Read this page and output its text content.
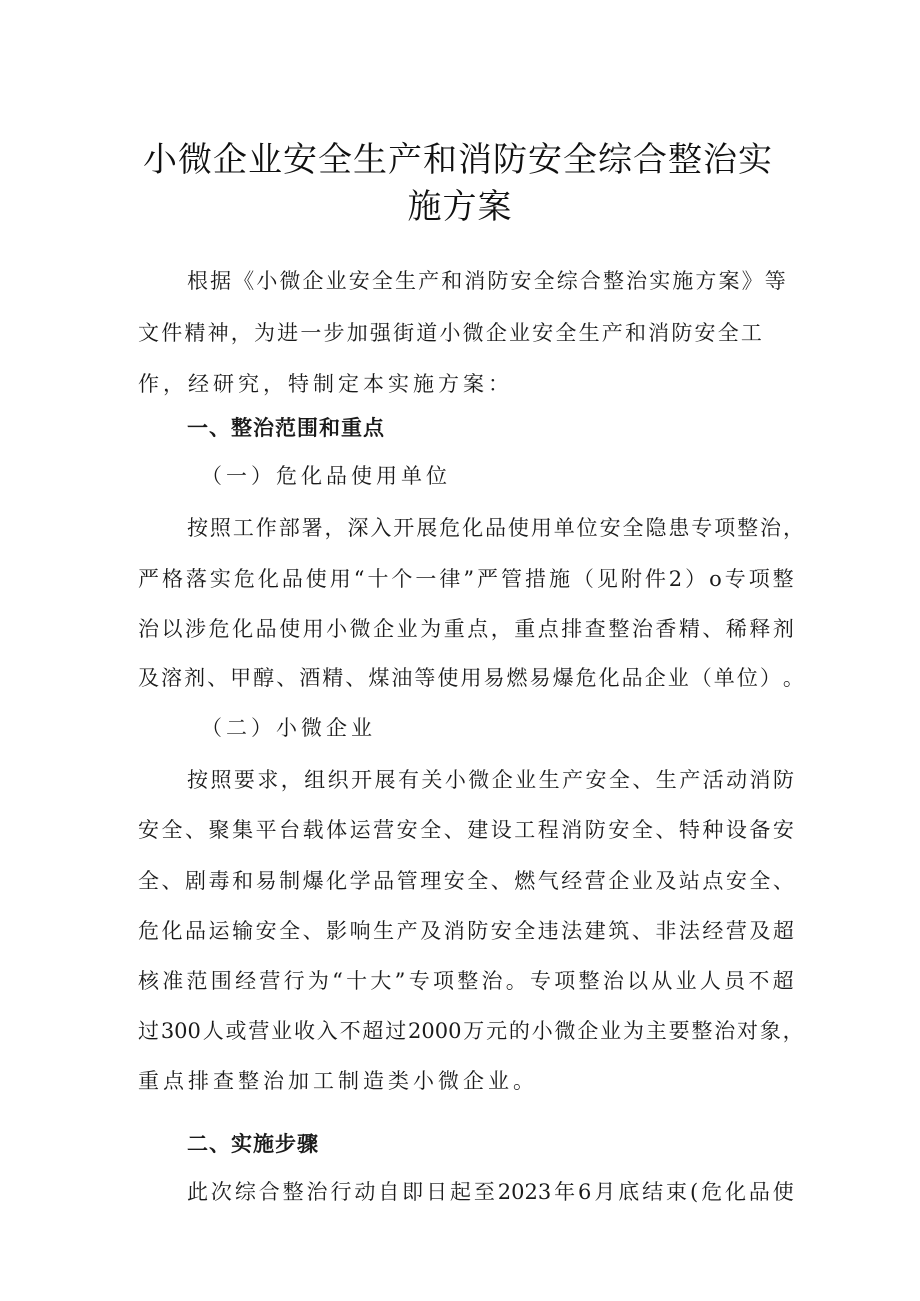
小微企业安全生产和消防安全综合整治实
施方案
根 据 《 小 微 企 业 安 全 生 产 和 消 防 安 全 综 合 整 治 实 施 方 案 》 等
文 件 精 神 ， 为 进 一 步 加 强 街 道 小 微 企 业 安 全 生 产 和 消 防 安 全 工
作，经研究，特制定本实施方案：
一、整治范围和重点
（一）危化品使用单位
按 照 工 作 部 署 ， 深 入 开 展 危 化 品 使 用 单 位 安 全 隐 患 专 项 整 治 ，
严 格 落 实 危 化 品 使 用 “ 十 个 一 律 ” 严 管 措 施 （ 见 附 件 2 ） o 专 项 整
治 以 涉 危 化 品 使 用 小 微 企 业 为 重 点 ， 重 点 排 查 整 治 香 精 、 稀 释 剂
及 溶 剂 、 甲 醇 、 酒 精 、 煤 油 等 使 用 易 燃 易 爆 危 化 品 企 业 （ 单 位 ） 。
（二）小微企业
按 照 要 求 ， 组 织 开 展 有 关 小 微 企 业 生 产 安 全 、 生 产 活 动 消 防
安 全 、 聚 集 平 台 载 体 运 营 安 全 、 建 设 工 程 消 防 安 全 、 特 种 设 备 安
全 、 剧 毒 和 易 制 爆 化 学 品 管 理 安 全 、 燃 气 经 营 企 业 及 站 点 安 全 、
危 化 品 运 输 安 全 、 影 响 生 产 及 消 防 安 全 违 法 建 筑 、 非 法 经 营 及 超
核 准 范 围 经 营 行 为 “ 十 大 ” 专 项 整 治 。 专 项 整 治 以 从 业 人 员 不 超
过 300 人 或 营 业 收 入 不 超 过 2000 万 元 的 小 微 企 业 为 主 要 整 治 对 象 ，
重点排查整治加工制造类小微企业。
二、实施步骤
此 次 综 合 整 治 行 动 自 即 日 起 至 2023 年 6 月 底 结 束 ( 危 化 品 使
